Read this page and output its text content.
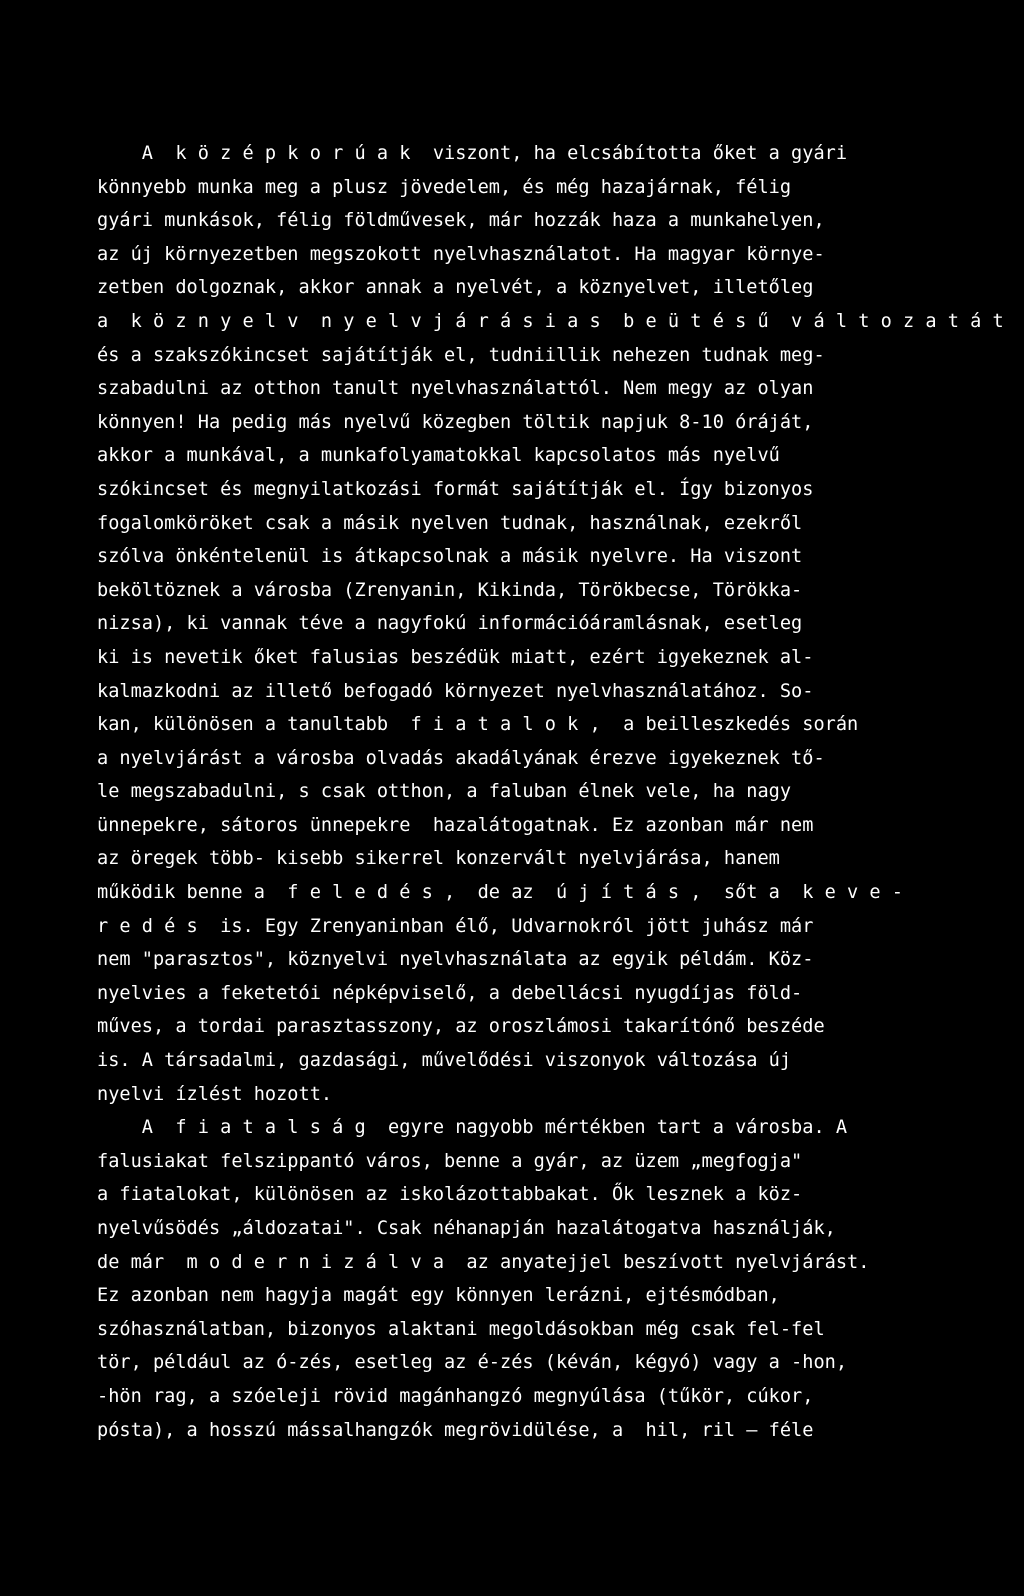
A  k ö z é p k o r ú a k  viszont, ha elcsábította őket a gyári
könnyebb munka meg a plusz jövedelem, és még hazajárnak, félig
gyári munkások, félig földművesek, már hozzák haza a munkahelyen,
az új környezetben megszokott nyelvhasználatot. Ha magyar környe-
zetben dolgoznak, akkor annak a nyelvét, a köznyelvet, illetőleg
a  k ö z n y e l v  n y e l v j á r á s i a s  b e ü t é s ű  v á l t o z a t á t
és a szakszókincset sajátítják el, tudniillik nehezen tudnak meg-
szabadulni az otthon tanult nyelvhasználattól. Nem megy az olyan
könnyen! Ha pedig más nyelvű közegben töltik napjuk 8-10 óráját,
akkor a munkával, a munkafolyamatokkal kapcsolatos más nyelvű
szókincset és megnyilatkozási formát sajátítják el. Így bizonyos
fogalomköröket csak a másik nyelven tudnak, használnak, ezekről
szólva önkéntelenül is átkapcsolnak a másik nyelvre. Ha viszont
beköltöznek a városba (Zrenyanin, Kikinda, Törökbecse, Törökka-
nizsa), ki vannak téve a nagyfokú információáramlásnak, esetleg
ki is nevetik őket falusias beszédük miatt, ezért igyekeznek al-
kalmazkodni az illető befogadó környezet nyelvhasználatához. So-
kan, különösen a tanultabb  f i a t a l o k ,  a beilleszkedés során
a nyelvjárást a városba olvadás akadályának érezve igyekeznek tő-
le megszabadulni, s csak otthon, a faluban élnek vele, ha nagy
ünnepekre, sátoros ünnepekre  hazalátogatnak. Ez azonban már nem
az öregek több- kisebb sikerrel konzervált nyelvjárása, hanem
működik benne a  f e l e d é s ,  de az  ú j í t á s ,  sőt a  k e v e -
r e d é s  is. Egy Zrenyaninban élő, Udvarnokról jött juhász már
nem "parasztos", köznyelvi nyelvhasználata az egyik példám. Köz-
nyelvies a feketetói népképviselő, a debellácsi nyugdíjas föld-
műves, a tordai parasztasszony, az oroszlámosi takarítónő beszéde
is. A társadalmi, gazdasági, művelődési viszonyok változása új
nyelvi ízlést hozott.
A  f i a t a l s á g  egyre nagyobb mértékben tart a városba. A
falusiakat felszippantó város, benne a gyár, az üzem „megfogja"
a fiatalokat, különösen az iskolázottabbakat. Ők lesznek a köz-
nyelvűsödés „áldozatai". Csak néhanapján hazalátogatva használják,
de már  m o d e r n i z á l v a  az anyatejjel beszívott nyelvjárást.
Ez azonban nem hagyja magát egy könnyen lerázni, ejtésmódban,
szóhasználatban, bizonyos alaktani megoldásokban még csak fel-fel
tör, például az ó-zés, esetleg az é-zés (kéván, kégyó) vagy a -hon,
-hön rag, a szóeleji rövid magánhangzó megnyúlása (tűkör, cúkor,
pósta), a hosszú mássalhangzók megrövidülése, a  hil, ril — féle
